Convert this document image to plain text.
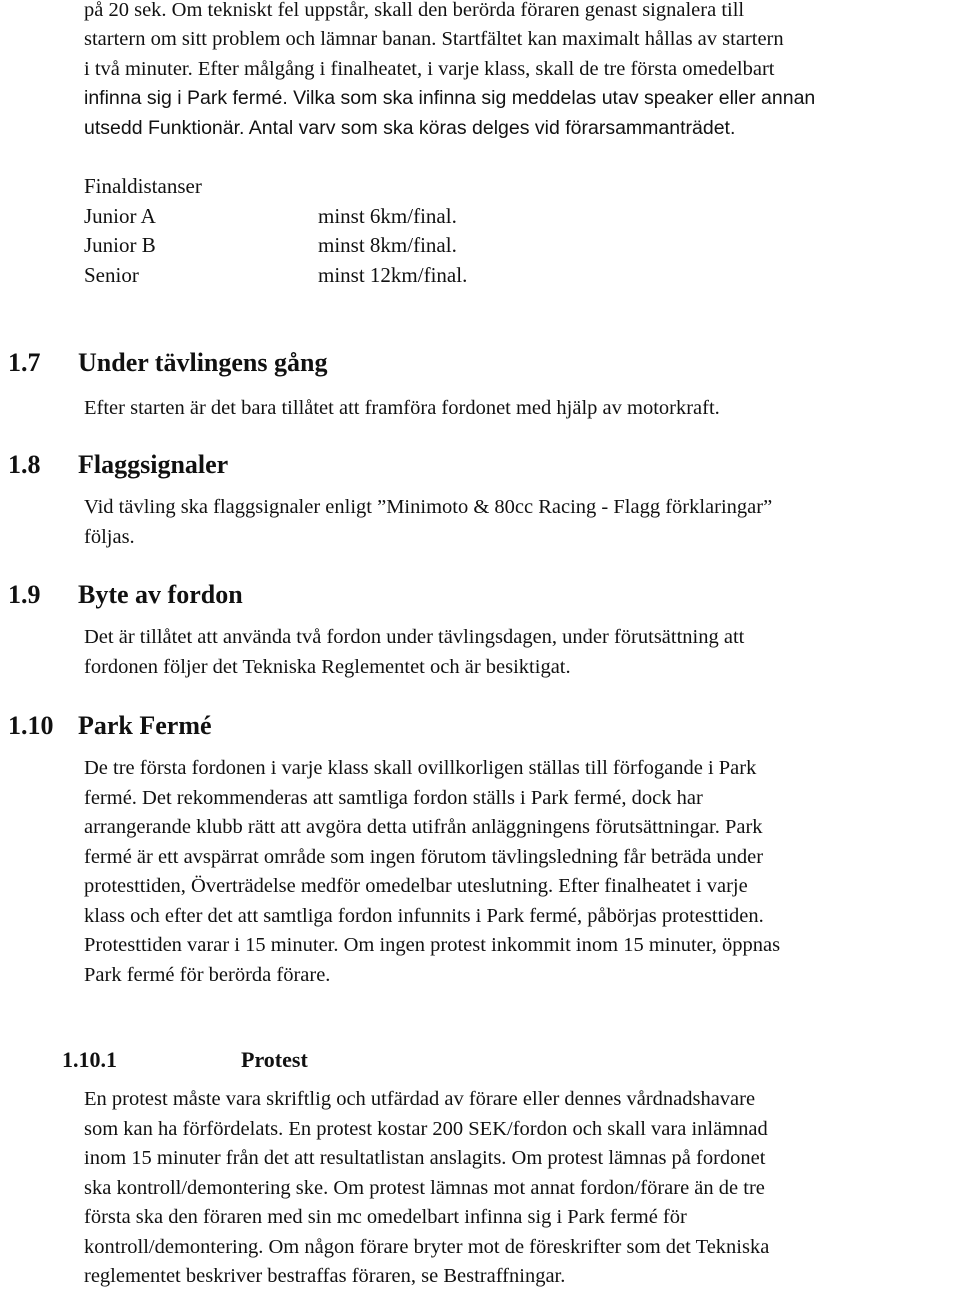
på 20 sek. Om tekniskt fel uppstår, skall den berörda föraren genast signalera till
startern om sitt problem och lämnar banan. Startfältet kan maximalt hållas av startern
i två minuter. Efter målgång i finalheatet, i varje klass, skall de tre första omedelbart
infinna sig i Park fermé. Vilka som ska infinna sig meddelas utav speaker eller annan
utsedd Funktionär. Antal varv som ska köras delges vid förarsammanträdet.
Finaldistanser
Junior A	minst 6km/final.
Junior B	minst 8km/final.
Senior	minst 12km/final.
1.7 Under tävlingens gång
Efter starten är det bara tillåtet att framföra fordonet med hjälp av motorkraft.
1.8 Flaggsignaler
Vid tävling ska flaggsignaler enligt ”Minimoto & 80cc Racing - Flagg förklaringar”
följas.
1.9 Byte av fordon
Det är tillåtet att använda två fordon under tävlingsdagen, under förutsättning att
fordonen följer det Tekniska Reglementet och är besiktigat.
1.10 Park Fermé
De tre första fordonen i varje klass skall ovillkorligen ställas till förfogande i Park
fermé. Det rekommenderas att samtliga fordon ställs i Park fermé, dock har
arrangerande klubb rätt att avgöra detta utifrån anläggningens förutsättningar. Park
fermé är ett avspärrat område som ingen förutom tävlingsledning får beträda under
protesttiden, Överträdelse medför omedelbar uteslutning. Efter finalheatet i varje
klass och efter det att samtliga fordon infunnits i Park fermé, påbörjas protesttiden.
Protesttiden varar i 15 minuter. Om ingen protest inkommit inom 15 minuter, öppnas
Park fermé för berörda förare.
1.10.1	Protest
En protest måste vara skriftlig och utfärdad av förare eller dennes vårdnadshavare
som kan ha förfördelats. En protest kostar 200 SEK/fordon och skall vara inlämnad
inom 15 minuter från det att resultatlistan anslagits. Om protest lämnas på fordonet
ska kontroll/demontering ske. Om protest lämnas mot annat fordon/förare än de tre
första ska den föraren med sin mc omedelbart infinna sig i Park fermé för
kontroll/demontering. Om någon förare bryter mot de föreskrifter som det Tekniska
reglementet beskriver bestraffas föraren, se Bestraffningar.
